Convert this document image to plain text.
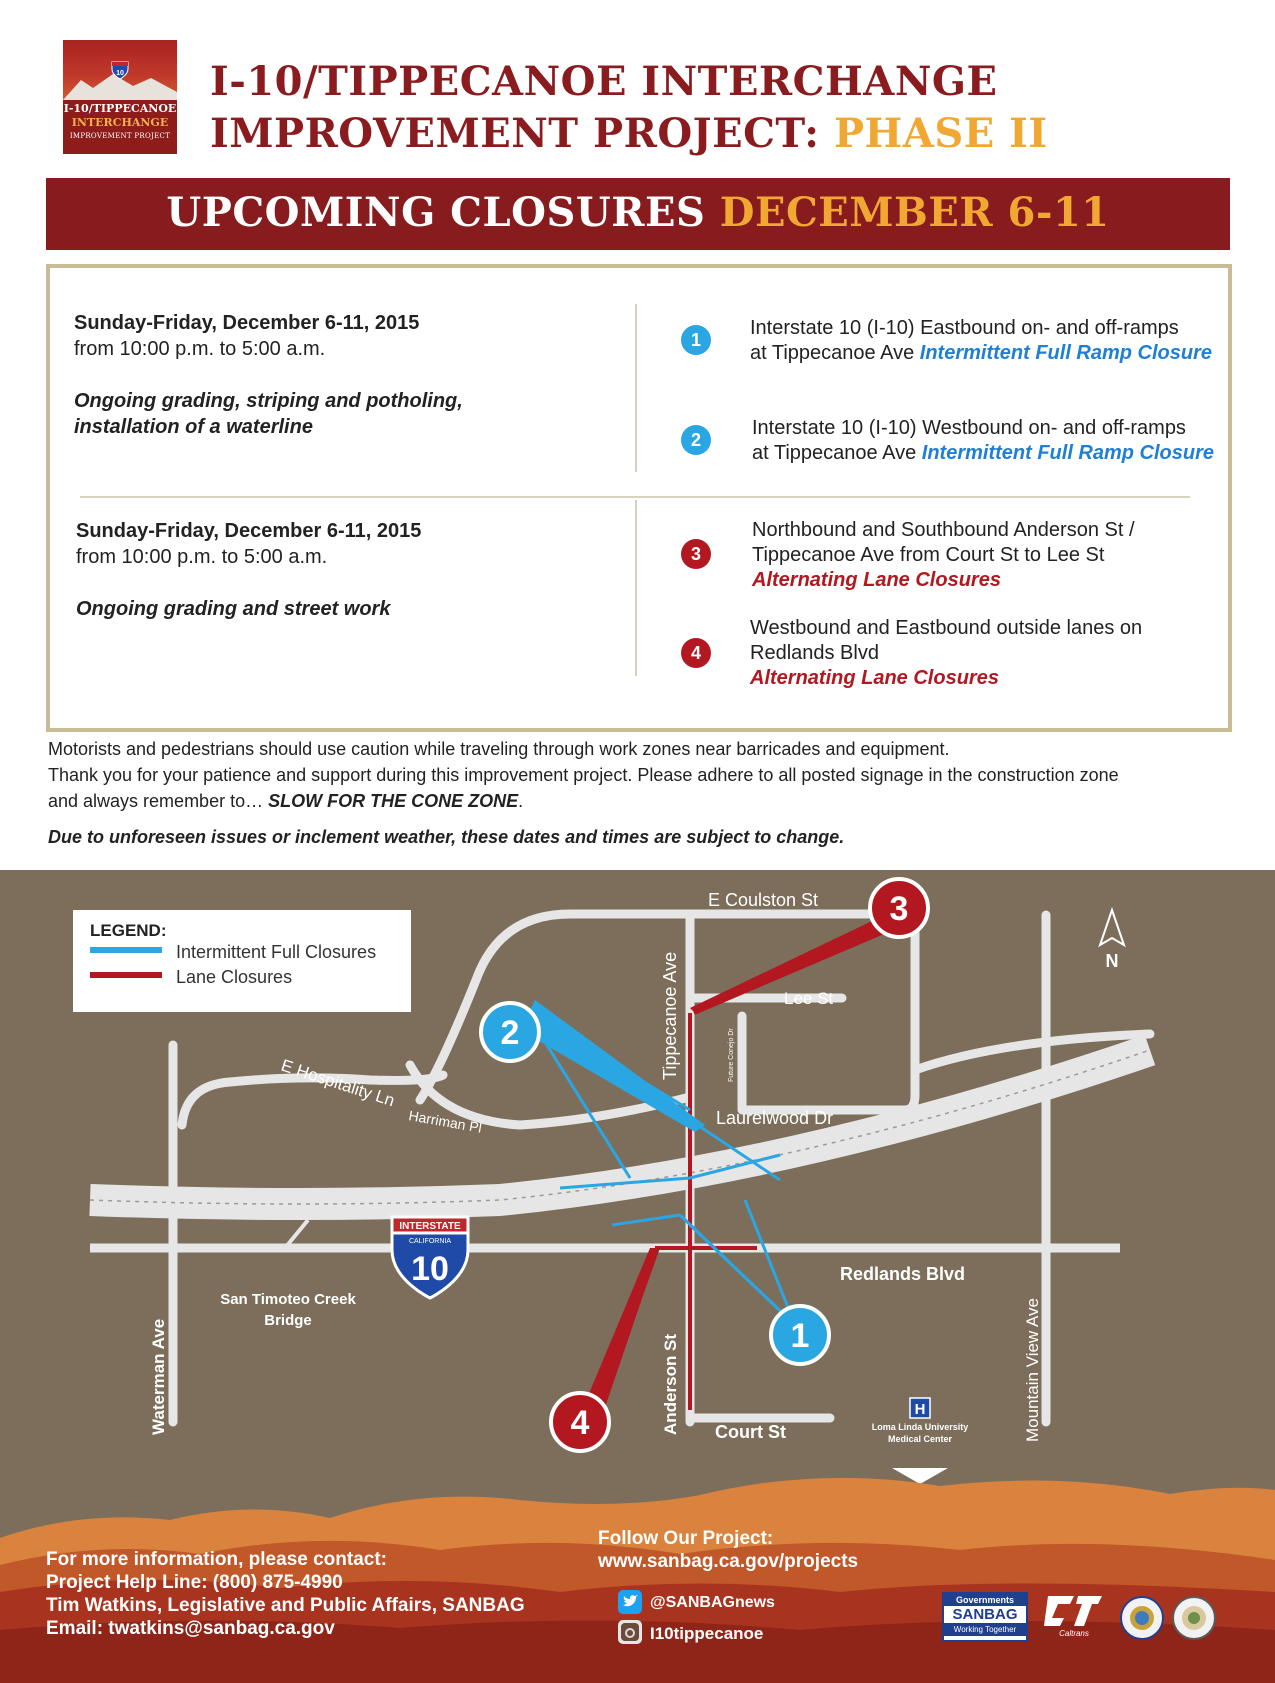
10
I-10/TIPPECANOE
INTERCHANGE
IMPROVEMENT PROJECT
I-10/TIPPECANOE INTERCHANGE
IMPROVEMENT PROJECT: PHASE II
UPCOMING CLOSURES DECEMBER 6-11
Sunday-Friday, December 6-11, 2015
from 10:00 p.m. to 5:00 a.m.
Ongoing grading, striping and potholing,
installation of a waterline
1
Interstate 10 (I-10) Eastbound on- and off-ramps
at Tippecanoe Ave Intermittent Full Ramp Closure
2
Interstate 10 (I-10) Westbound on- and off-ramps
at Tippecanoe Ave Intermittent Full Ramp Closure
Sunday-Friday, December 6-11, 2015
from 10:00 p.m. to 5:00 a.m.
Ongoing grading and street work
3
Northbound and Southbound Anderson St /
Tippecanoe Ave from Court St to Lee St
Alternating Lane Closures
4
Westbound and Eastbound outside lanes on
Redlands Blvd
Alternating Lane Closures
Motorists and pedestrians should use caution while traveling through work zones near barricades and equipment.
Thank you for your patience and support during this improvement project. Please adhere to all posted signage in the construction zone
and always remember to… SLOW FOR THE CONE ZONE.
Due to unforeseen issues or inclement weather, these dates and times are subject to change.
1
2
3
4
INTERSTATE
CALIFORNIA
10
LEGEND:
Intermittent Full Closures
Lane Closures
N
E Coulston St
Lee St
Tippecanoe Ave	Future Conejo Dr
E Hospitality Ln
Harriman Pl	Laurelwood Dr
Redlands Blvd
Waterman Ave	Anderson St Court St	Mountain View Ave
San Timoteo Creek
Bridge
Loma Linda University
Medical Center
H
For more information, please contact:
Project Help Line: (800) 875-4990
Tim Watkins, Legislative and Public Affairs, SANBAG
Email: twatkins@sanbag.ca.gov
Follow Our Project:
www.sanbag.ca.gov/projects
@SANBAGnews
I10tippecanoe
Governments
SANBAG
Working Together	Caltrans
